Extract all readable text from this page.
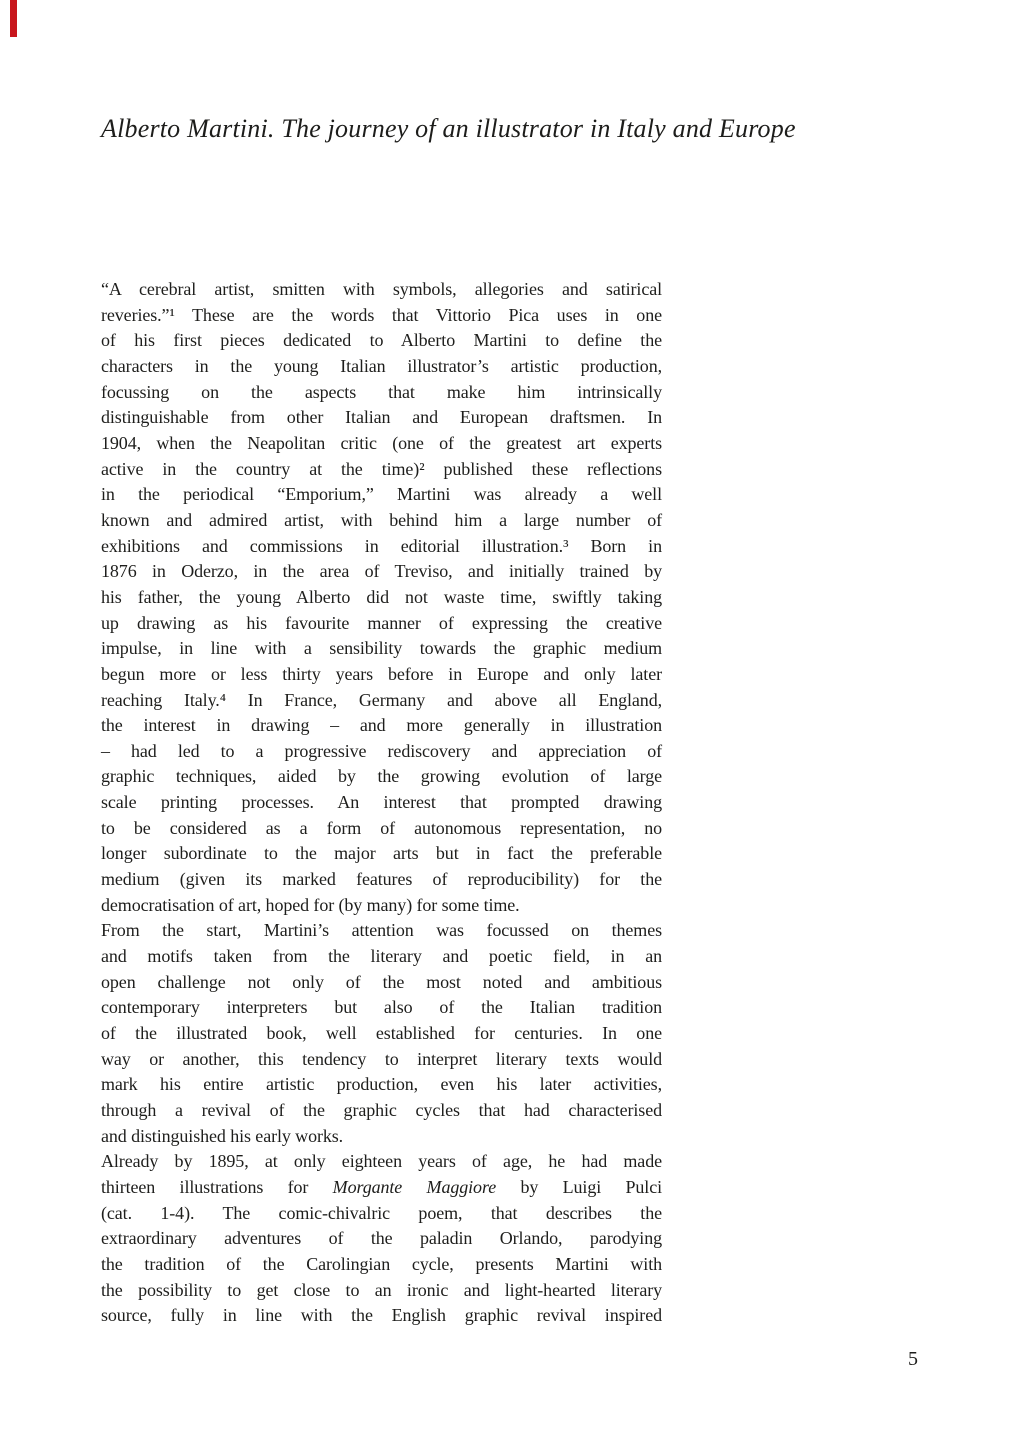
Alberto Martini. The journey of an illustrator in Italy and Europe
“A cerebral artist, smitten with symbols, allegories and satirical
reveries.”¹ These are the words that Vittorio Pica uses in one
of his first pieces dedicated to Alberto Martini to define the
characters in the young Italian illustrator’s artistic production,
focussing on the aspects that make him intrinsically
distinguishable from other Italian and European draftsmen. In
1904, when the Neapolitan critic (one of the greatest art experts
active in the country at the time)² published these reflections
in the periodical “Emporium,” Martini was already a well
known and admired artist, with behind him a large number of
exhibitions and commissions in editorial illustration.³ Born in
1876 in Oderzo, in the area of Treviso, and initially trained by
his father, the young Alberto did not waste time, swiftly taking
up drawing as his favourite manner of expressing the creative
impulse, in line with a sensibility towards the graphic medium
begun more or less thirty years before in Europe and only later
reaching Italy.⁴ In France, Germany and above all England,
the interest in drawing – and more generally in illustration
– had led to a progressive rediscovery and appreciation of
graphic techniques, aided by the growing evolution of large
scale printing processes. An interest that prompted drawing
to be considered as a form of autonomous representation, no
longer subordinate to the major arts but in fact the preferable
medium (given its marked features of reproducibility) for the
democratisation of art, hoped for (by many) for some time.
From the start, Martini’s attention was focussed on themes
and motifs taken from the literary and poetic field, in an
open challenge not only of the most noted and ambitious
contemporary interpreters but also of the Italian tradition
of the illustrated book, well established for centuries. In one
way or another, this tendency to interpret literary texts would
mark his entire artistic production, even his later activities,
through a revival of the graphic cycles that had characterised
and distinguished his early works.
Already by 1895, at only eighteen years of age, he had made
thirteen illustrations for Morgante Maggiore by Luigi Pulci
(cat. 1-4). The comic-chivalric poem, that describes the
extraordinary adventures of the paladin Orlando, parodying
the tradition of the Carolingian cycle, presents Martini with
the possibility to get close to an ironic and light-hearted literary
source, fully in line with the English graphic revival inspired
5
